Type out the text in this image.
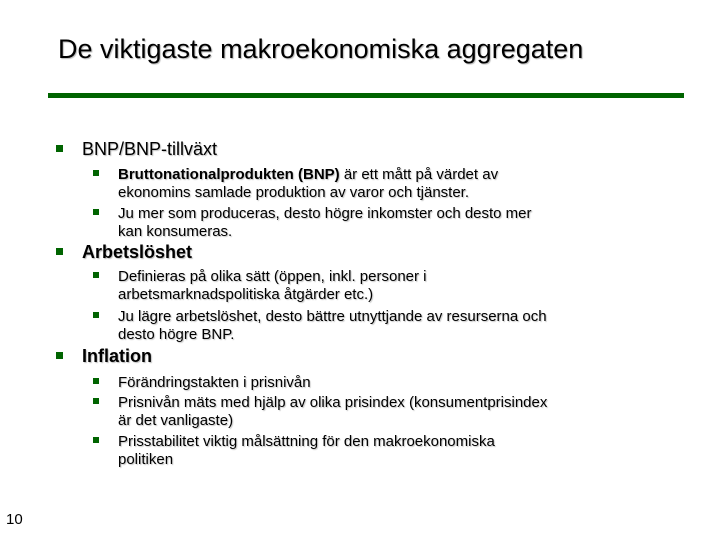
De viktigaste makroekonomiska aggregaten
BNP/BNP-tillväxt
Bruttonationalprodukten (BNP) är ett mått på värdet av
ekonomins samlade produktion av varor och tjänster.
Ju mer som produceras, desto högre inkomster och desto mer
kan konsumeras.
Arbetslöshet
Definieras på olika sätt (öppen, inkl. personer i
arbetsmarknadspolitiska åtgärder etc.)
Ju lägre arbetslöshet, desto bättre utnyttjande av resurserna och
desto högre BNP.
Inflation
Förändringstakten i prisnivån
Prisnivån mäts med hjälp av olika prisindex (konsumentprisindex
är det vanligaste)
Prisstabilitet viktig målsättning för den makroekonomiska
politiken
10
